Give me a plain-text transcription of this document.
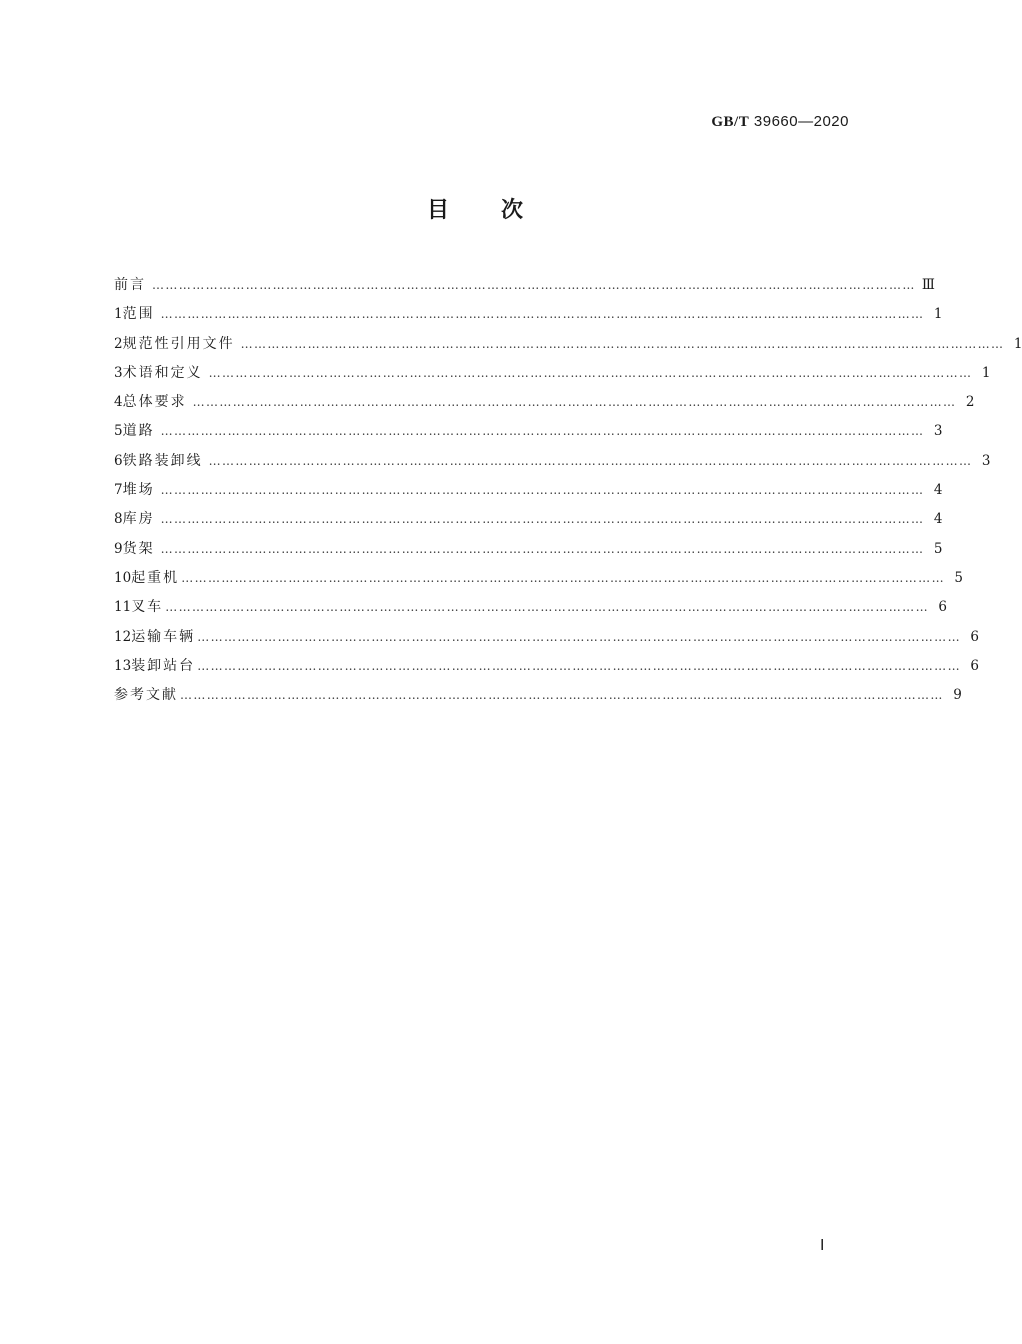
GB/T 39660—2020
目次
前言 ……………………………………………………………………………………………………………………………………………………… Ⅲ
1 范围 ……………………………………………………………………………………………………………………………………………………… 1
2 规范性引用文件 ……………………………………………………………………………………………………………………………………………………… 1
3 术语和定义 ……………………………………………………………………………………………………………………………………………………… 1
4 总体要求 ……………………………………………………………………………………………………………………………………………………… 2
5 道路 ……………………………………………………………………………………………………………………………………………………… 3
6 铁路装卸线 ……………………………………………………………………………………………………………………………………………………… 3
7 堆场 ……………………………………………………………………………………………………………………………………………………… 4
8 库房 ……………………………………………………………………………………………………………………………………………………… 4
9 货架 ……………………………………………………………………………………………………………………………………………………… 5
10 起重机 ……………………………………………………………………………………………………………………………………………………… 5
11 叉车 ……………………………………………………………………………………………………………………………………………………… 6
12 运输车辆 ……………………………………………………………………………………………………………………………………………………… 6
13 装卸站台 ……………………………………………………………………………………………………………………………………………………… 6
参考文献 ……………………………………………………………………………………………………………………………………………………… 9
Ⅰ
